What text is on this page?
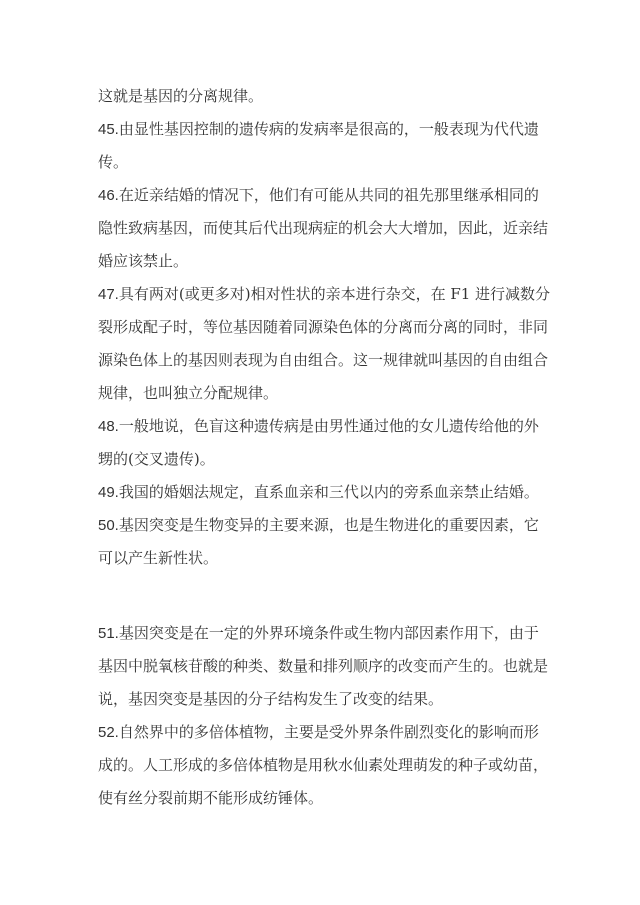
这就是基因的分离规律。
45.由显性基因控制的遗传病的发病率是很高的，一般表现为代代遗
传。
46.在近亲结婚的情况下，他们有可能从共同的祖先那里继承相同的
隐性致病基因，而使其后代出现病症的机会大大增加，因此，近亲结
婚应该禁止。
47.具有两对(或更多对)相对性状的亲本进行杂交，在 F1 进行减数分
裂形成配子时，等位基因随着同源染色体的分离而分离的同时，非同
源染色体上的基因则表现为自由组合。这一规律就叫基因的自由组合
规律，也叫独立分配规律。
48.一般地说，色盲这种遗传病是由男性通过他的女儿遗传给他的外
甥的(交叉遗传)。
49.我国的婚姻法规定，直系血亲和三代以内的旁系血亲禁止结婚。
50.基因突变是生物变异的主要来源，也是生物进化的重要因素，它
可以产生新性状。
51.基因突变是在一定的外界环境条件或生物内部因素作用下，由于
基因中脱氧核苷酸的种类、数量和排列顺序的改变而产生的。也就是
说，基因突变是基因的分子结构发生了改变的结果。
52.自然界中的多倍体植物，主要是受外界条件剧烈变化的影响而形
成的。人工形成的多倍体植物是用秋水仙素处理萌发的种子或幼苗，
使有丝分裂前期不能形成纺锤体。
